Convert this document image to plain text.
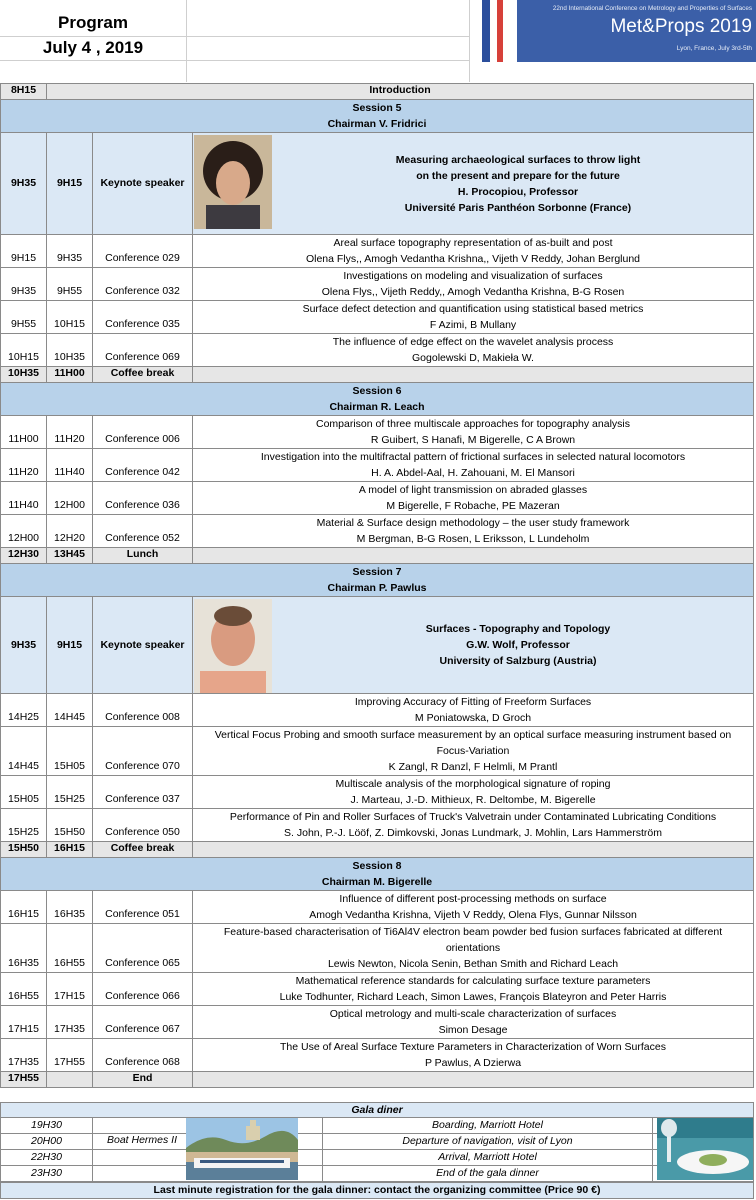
Program
July 4 , 2019
22nd International Conference on Metrology and Properties of Surfaces
Met&Props 2019
Lyon, France, July 3rd-5th
8H15	Introduction
Session 5
Chairman V. Fridrici
9H35	9H15	Keynote speaker
Measuring archaeological surfaces to throw light
on the present and prepare for the future
H. Procopiou, Professor
Université Paris Panthéon Sorbonne (France)
9H15	9H35	Conference 029
Areal surface topography representation of as-built and post
Olena Flys,, Amogh Vedantha Krishna,, Vijeth V Reddy, Johan Berglund
9H35	9H55	Conference 032
Investigations on modeling and visualization of surfaces
Olena Flys,, Vijeth Reddy,, Amogh Vedantha Krishna, B-G Rosen
9H55	10H15	Conference 035
Surface defect detection and quantification using statistical based metrics
F Azimi, B Mullany
10H15	10H35	Conference 069
The influence of edge effect on the wavelet analysis process
Gogolewski D, Makieła W.
10H35	11H00	Coffee break
Session 6
Chairman R. Leach
11H00	11H20	Conference 006
Comparison of three multiscale approaches for topography analysis
R Guibert, S Hanafi, M Bigerelle, C A Brown
11H20	11H40	Conference 042
Investigation into the multifractal pattern of frictional surfaces in selected natural locomotors
H. A. Abdel-Aal, H. Zahouani, M. El Mansori
11H40	12H00	Conference 036
A model of light transmission on abraded glasses
M Bigerelle, F Robache, PE Mazeran
12H00	12H20	Conference 052
Material & Surface design methodology – the user study framework
M Bergman, B-G Rosen, L Eriksson, L Lundeholm
12H30	13H45	Lunch
Session 7
Chairman P. Pawlus
9H35	9H15	Keynote speaker
Surfaces - Topography and Topology
G.W. Wolf, Professor
University of Salzburg (Austria)
14H25	14H45	Conference 008
Improving Accuracy of Fitting of Freeform Surfaces
M Poniatowska, D Groch
14H45	15H05	Conference 070
Vertical Focus Probing and smooth surface measurement by an optical surface measuring instrument based on
Focus-Variation
K Zangl, R Danzl, F Helmli, M Prantl
15H05	15H25	Conference 037
Multiscale analysis of the morphological signature of roping
J. Marteau, J.-D. Mithieux, R. Deltombe, M. Bigerelle
15H25	15H50	Conference 050
Performance of Pin and Roller Surfaces of Truck's Valvetrain under Contaminated Lubricating Conditions
S. John, P.-J. Lööf, Z. Dimkovski, Jonas Lundmark, J. Mohlin, Lars Hammerström
15H50	16H15	Coffee break
Session 8
Chairman M. Bigerelle
16H15	16H35	Conference 051
Influence of different post-processing methods on surface
Amogh Vedantha Krishna, Vijeth V Reddy, Olena Flys, Gunnar Nilsson
16H35	16H55	Conference 065
Feature-based characterisation of Ti6Al4V electron beam powder bed fusion surfaces fabricated at different
orientations
Lewis Newton, Nicola Senin, Bethan Smith and Richard Leach
16H55	17H15	Conference 066
Mathematical reference standards for calculating surface texture parameters
Luke Todhunter, Richard Leach, Simon Lawes, François Blateyron and Peter Harris
17H15	17H35	Conference 067
Optical metrology and multi-scale characterization of surfaces
Simon Desage
17H35	17H55	Conference 068
The Use of Areal Surface Texture Parameters in Characterization of Worn Surfaces
P Pawlus, A Dzierwa
17H55	End
Gala diner
19H30	Boarding, Marriott Hotel
20H00	Departure of navigation, visit of Lyon
22H30	Arrival, Marriott Hotel
23H30	End of the gala dinner
Boat Hermes II
Last minute registration for the gala dinner: contact the organizing committee (Price 90 €)
